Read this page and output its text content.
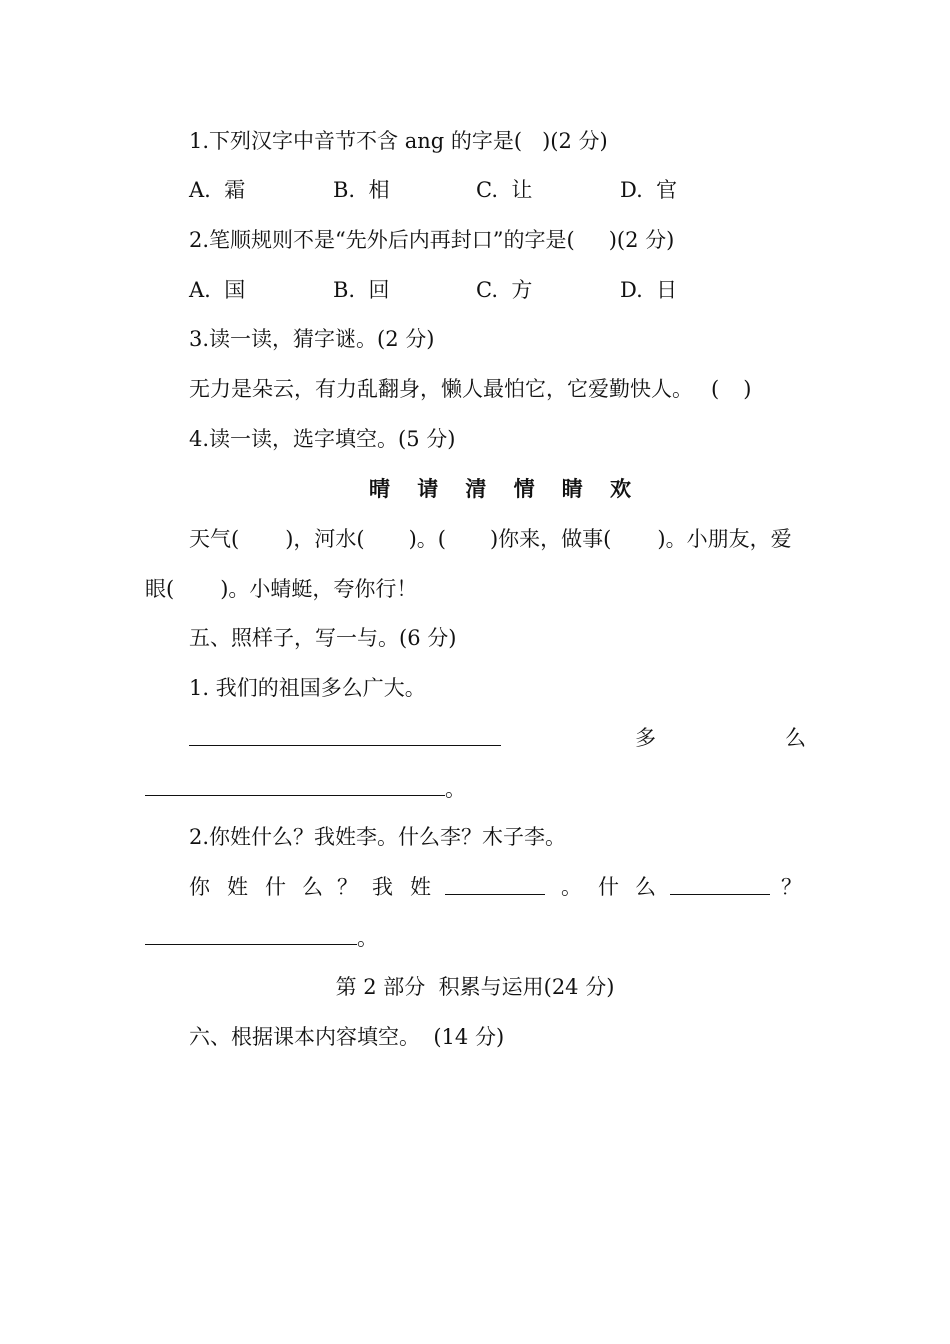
1.下列汉字中音节不含 ang 的字是( )(2 分)
A.  霜	B.  相	C.  让	D.  官
2.笔顺规则不是“先外后内再封口”的字是( )(2 分)
A.  国	B.  回	C.  方	D.  日
3.读一读，猜字谜。(2 分)
无力是朵云，有力乱翻身，懒人最怕它，它爱勤快人。 ( )
4.读一读，选字填空。(5 分)
晴 请 清 情 睛 欢
天气( )，河水( )。( )你来，做事( )。小朋友，爱
眼( )。小蜻蜓，夸你行！
五、照样子，写一与。(6 分)
1. 我们的祖国多么广大。

多

	么

。
2.你姓什么？我姓李。什么李？木子李。

你

姓

什

么

？

我

姓

	。

什

么

	？

。
第 2 部分  积累与运用(24 分)
六、根据课本内容填空。  (14 分)
